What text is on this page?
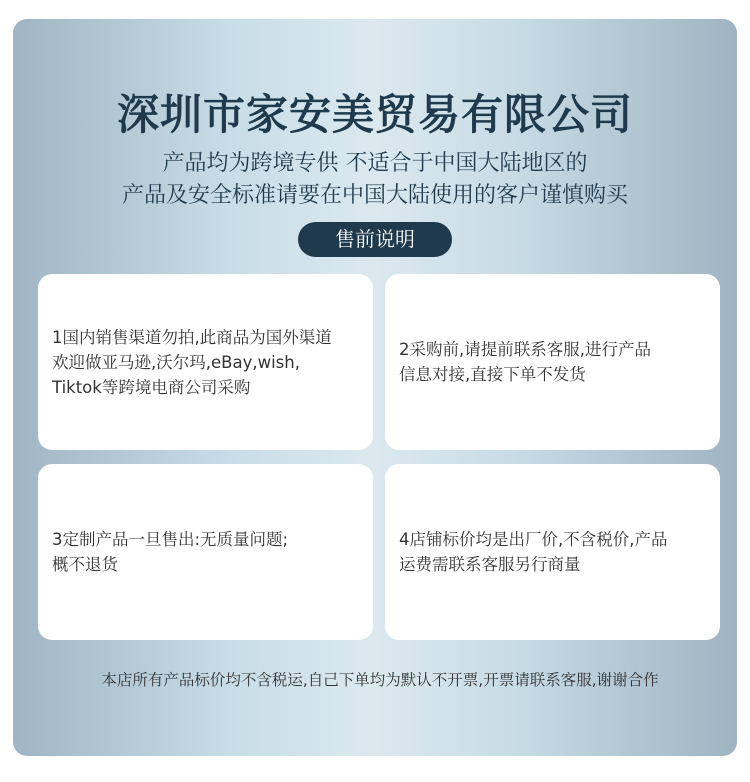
深圳市家安美贸易有限公司
产品均为跨境专供 不适合于中国大陆地区的
产品及安全标准请要在中国大陆使用的客户谨慎购买
售前说明

1国内销售渠道勿拍,此商品为国外渠道
欢迎做亚马逊,沃尔玛,eBay,wish,
Tiktok等跨境电商公司采购

2采购前,请提前联系客服,进行产品
信息对接,直接下单不发货

3定制产品一旦售出:无质量问题;
概不退货

4店铺标价均是出厂价,不含税价,产品
运费需联系客服另行商量

本店所有产品标价均不含税运,自己下单均为默认不开票,开票请联系客服,谢谢合作
